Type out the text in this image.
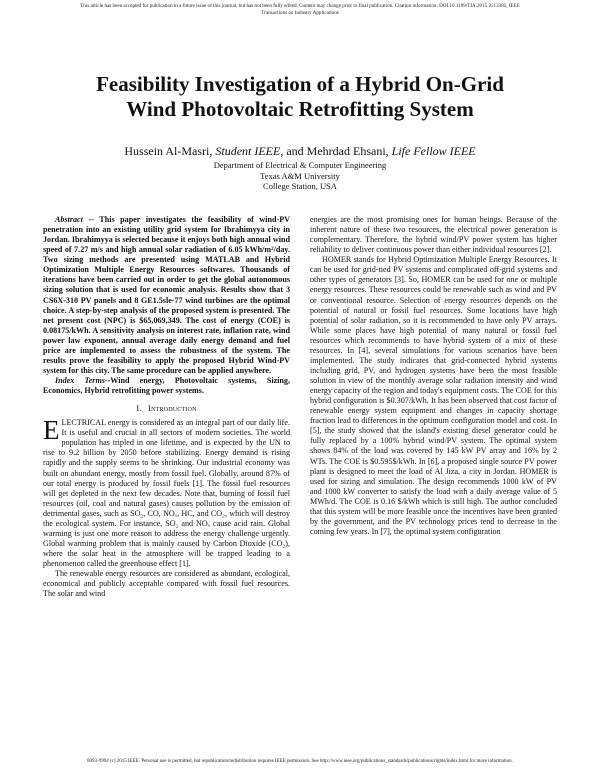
This article has been accepted for publication in a future issue of this journal, but has not been fully edited. Content may change prior to final publication. Citation information: DOI 10.1109/TIA.2015.2513385, IEEE
Transactions on Industry Applications
Feasibility Investigation of a Hybrid On-Grid
Wind Photovoltaic Retrofitting System
Hussein Al-Masri, Student IEEE, and Mehrdad Ehsani, Life Fellow IEEE
Department of Electrical & Computer Engineering
Texas A&M University
College Station, USA

Abstract -- This paper investigates the feasibility of wind-PV penetration into an existing utility grid system for Ibrahimyya city in Jordan. Ibrahimyya is selected because it enjoys both high annual wind speed of 7.27 m/s and high annual solar radiation of 6.05 kWh/m²/day. Two sizing methods are presented using MATLAB and Hybrid Optimization Multiple Energy Resources softwares. Thousands of iterations have been carried out in order to get the global autonomous sizing solution that is used for economic analysis. Results show that 3 CS6X-310 PV panels and 8 GE1.5sle-77 wind turbines are the optimal choice. A step-by-step analysis of the proposed system is presented. The net present cost (NPC) is $65,069,349. The cost of energy (COE) is 0.08175/kWh. A sensitivity analysis on interest rate, inflation rate, wind power law exponent, annual average daily energy demand and fuel price are implemented to assess the robustness of the system. The results prove the feasibility to apply the proposed Hybrid Wind-PV system for this city. The same procedure can be applied anywhere.

Index Terms--Wind energy, Photovoltaic systems, Sizing, Economics, Hybrid retrofitting power systems.

I. Introduction

ELECTRICAL energy is considered as an integral part of our daily life. It is useful and crucial in all sectors of modern societies. The world population has tripled in one lifetime, and is expected by the UN to rise to 9.2 billion by 2050 before stabilizing. Energy demand is rising rapidly and the supply seems to be shrinking. Our industrial economy was built on abundant energy, mostly from fossil fuel. Globally, around 87% of our total energy is produced by fossil fuels [1]. The fossil fuel resources will get depleted in the next few decades. Note that, burning of fossil fuel resources (oil, coal and natural gases) causes pollution by the emission of detrimental gases, such as SO₂, CO, NOₓ, HC, and CO₂, which will destroy the ecological system. For instance, SO₂ and NOₓ cause acid rain. Global warming is just one more reason to address the energy challenge urgently. Global warming problem that is mainly caused by Carbon Dioxide (CO₂), where the solar heat in the atmosphere will be trapped leading to a phenomenon called the greenhouse effect [1].

The renewable energy resources are considered as abundant, ecological, economical and publicly acceptable compared with fossil fuel resources. The solar and wind

energies are the most promising ones for human beings. Because of the inherent nature of these two resources, the electrical power generation is complementary. Therefore, the hybrid wind/PV power system has higher reliability to deliver continuous power than either individual resources [2].

HOMER stands for Hybrid Optimization Multiple Energy Resources. It can be used for grid-tied PV systems and complicated off-grid systems and other types of generators [3]. So, HOMER can be used for one or multiple energy resources. These resources could be renewable such as wind and PV or conventional resource. Selection of energy resources depends on the potential of natural or fossil fuel resources. Some locations have high potential of solar radiation, so it is recommended to have only PV arrays. While some places have high potential of many natural or fossil fuel resources which recommends to have hybrid system of a mix of these resources. In [4], several simulations for various scenarios have been implemented. The study indicates that grid-connected hybrid systems including grid, PV, and hydrogen systems have been the most feasible solution in view of the monthly average solar radiation intensity and wind energy capacity of the region and today's equipment costs. The COE for this hybrid configuration is $0.307/kWh. It has been observed that cost factor of renewable energy system equipment and changes in capacity shortage fraction lead to differences in the optimum configuration model and cost. In [5], the study showed that the island's existing diesel generator could be fully replaced by a 100% hybrid wind/PV system. The optimal system shows 84% of the load was covered by 145 kW PV array and 16% by 2 WTs. The COE is $0.595$/kWh. In [6], a proposed single source PV power plant is designed to meet the load of Al Jiza, a city in Jordan. HOMER is used for sizing and simulation. The design recommends 1000 kW of PV and 1000 kW converter to satisfy the load with a daily average value of 5 MWh/d. The COE is 0.16 $/kWh which is still high. The author concluded that this system will be more feasible once the incentives have been granted by the government, and the PV technology prices tend to decrease in the coming few years. In [7], the optimal system configuration

0093-9994 (c) 2015 IEEE. Personal use is permitted, but republication/redistribution requires IEEE permission. See http://www.ieee.org/publications_standards/publications/rights/index.html for more information.
